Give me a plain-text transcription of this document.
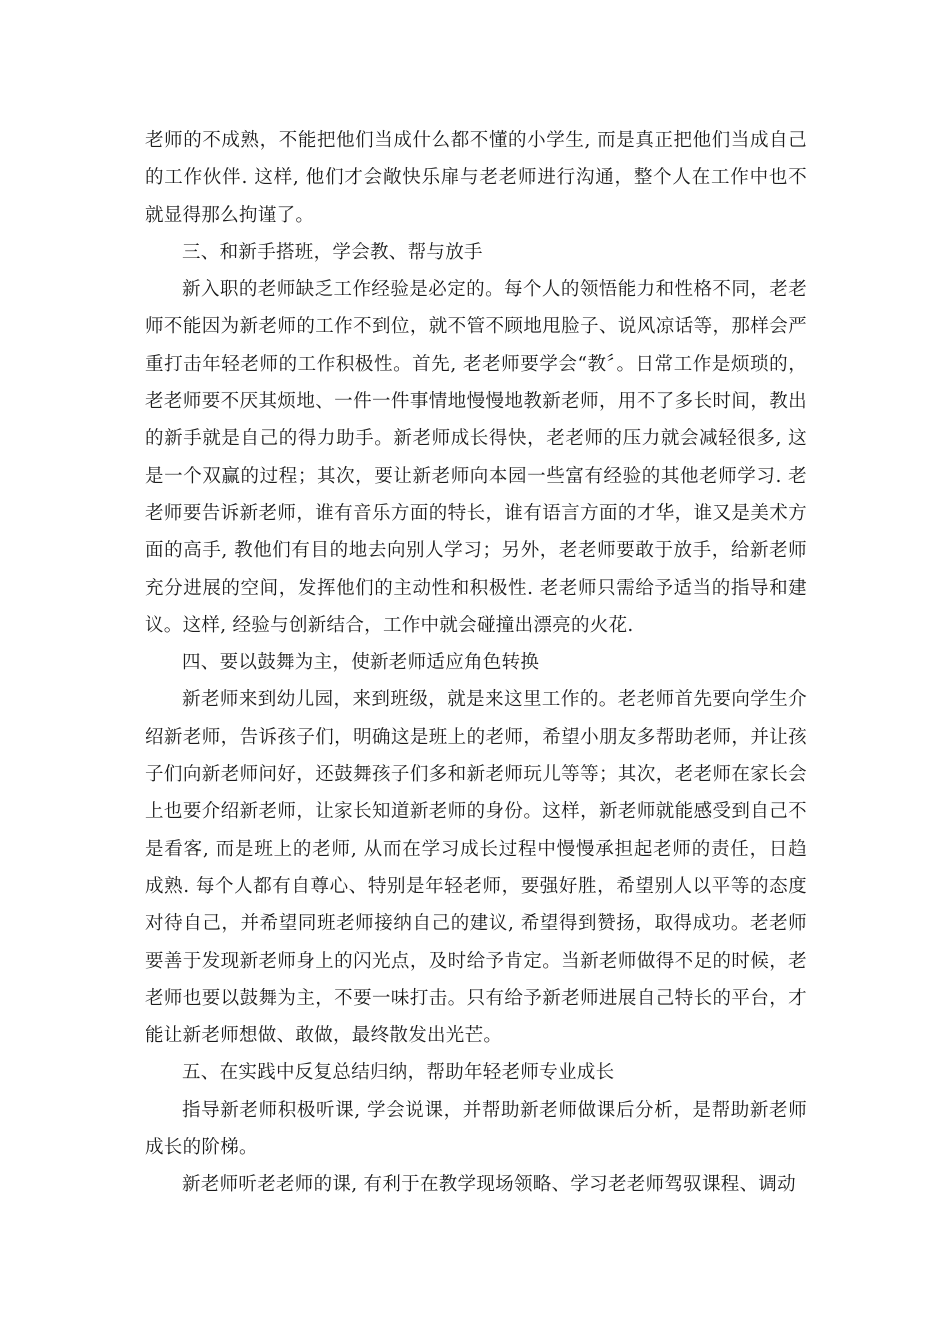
老师的不成熟，不能把他们当成什么都不懂的小学生, 而是真正把他们当成自己的工作伙伴. 这样, 他们才会敞快乐扉与老老师进行沟通，整个人在工作中也不就显得那么拘谨了。

三、和新手搭班，学会教、帮与放手

新入职的老师缺乏工作经验是必定的。每个人的领悟能力和性格不同，老老师不能因为新老师的工作不到位，就不管不顾地甩脸子、说风凉话等，那样会严重打击年轻老师的工作积极性。首先, 老老师要学会“教〞。日常工作是烦琐的，老老师要不厌其烦地、一件一件事情地慢慢地教新老师，用不了多长时间，教出的新手就是自己的得力助手。新老师成长得快，老老师的压力就会减轻很多, 这是一个双赢的过程；其次，要让新老师向本园一些富有经验的其他老师学习. 老老师要告诉新老师，谁有音乐方面的特长，谁有语言方面的才华，谁又是美术方面的高手, 教他们有目的地去向别人学习；另外，老老师要敢于放手，给新老师充分进展的空间，发挥他们的主动性和积极性. 老老师只需给予适当的指导和建议。这样, 经验与创新结合，工作中就会碰撞出漂亮的火花.

四、要以鼓舞为主，使新老师适应角色转换

新老师来到幼儿园，来到班级，就是来这里工作的。老老师首先要向学生介绍新老师，告诉孩子们，明确这是班上的老师，希望小朋友多帮助老师，并让孩子们向新老师问好，还鼓舞孩子们多和新老师玩儿等等；其次，老老师在家长会上也要介绍新老师，让家长知道新老师的身份。这样，新老师就能感受到自己不是看客, 而是班上的老师, 从而在学习成长过程中慢慢承担起老师的责任，日趋成熟. 每个人都有自尊心、特别是年轻老师，要强好胜，希望别人以平等的态度对待自己，并希望同班老师接纳自己的建议, 希望得到赞扬，取得成功。老老师要善于发现新老师身上的闪光点，及时给予肯定。当新老师做得不足的时候，老老师也要以鼓舞为主，不要一味打击。只有给予新老师进展自己特长的平台，才能让新老师想做、敢做，最终散发出光芒。

五、在实践中反复总结归纳，帮助年轻老师专业成长

指导新老师积极听课, 学会说课，并帮助新老师做课后分析，是帮助新老师成长的阶梯。

新老师听老老师的课, 有利于在教学现场领略、学习老老师驾驭课程、调动
